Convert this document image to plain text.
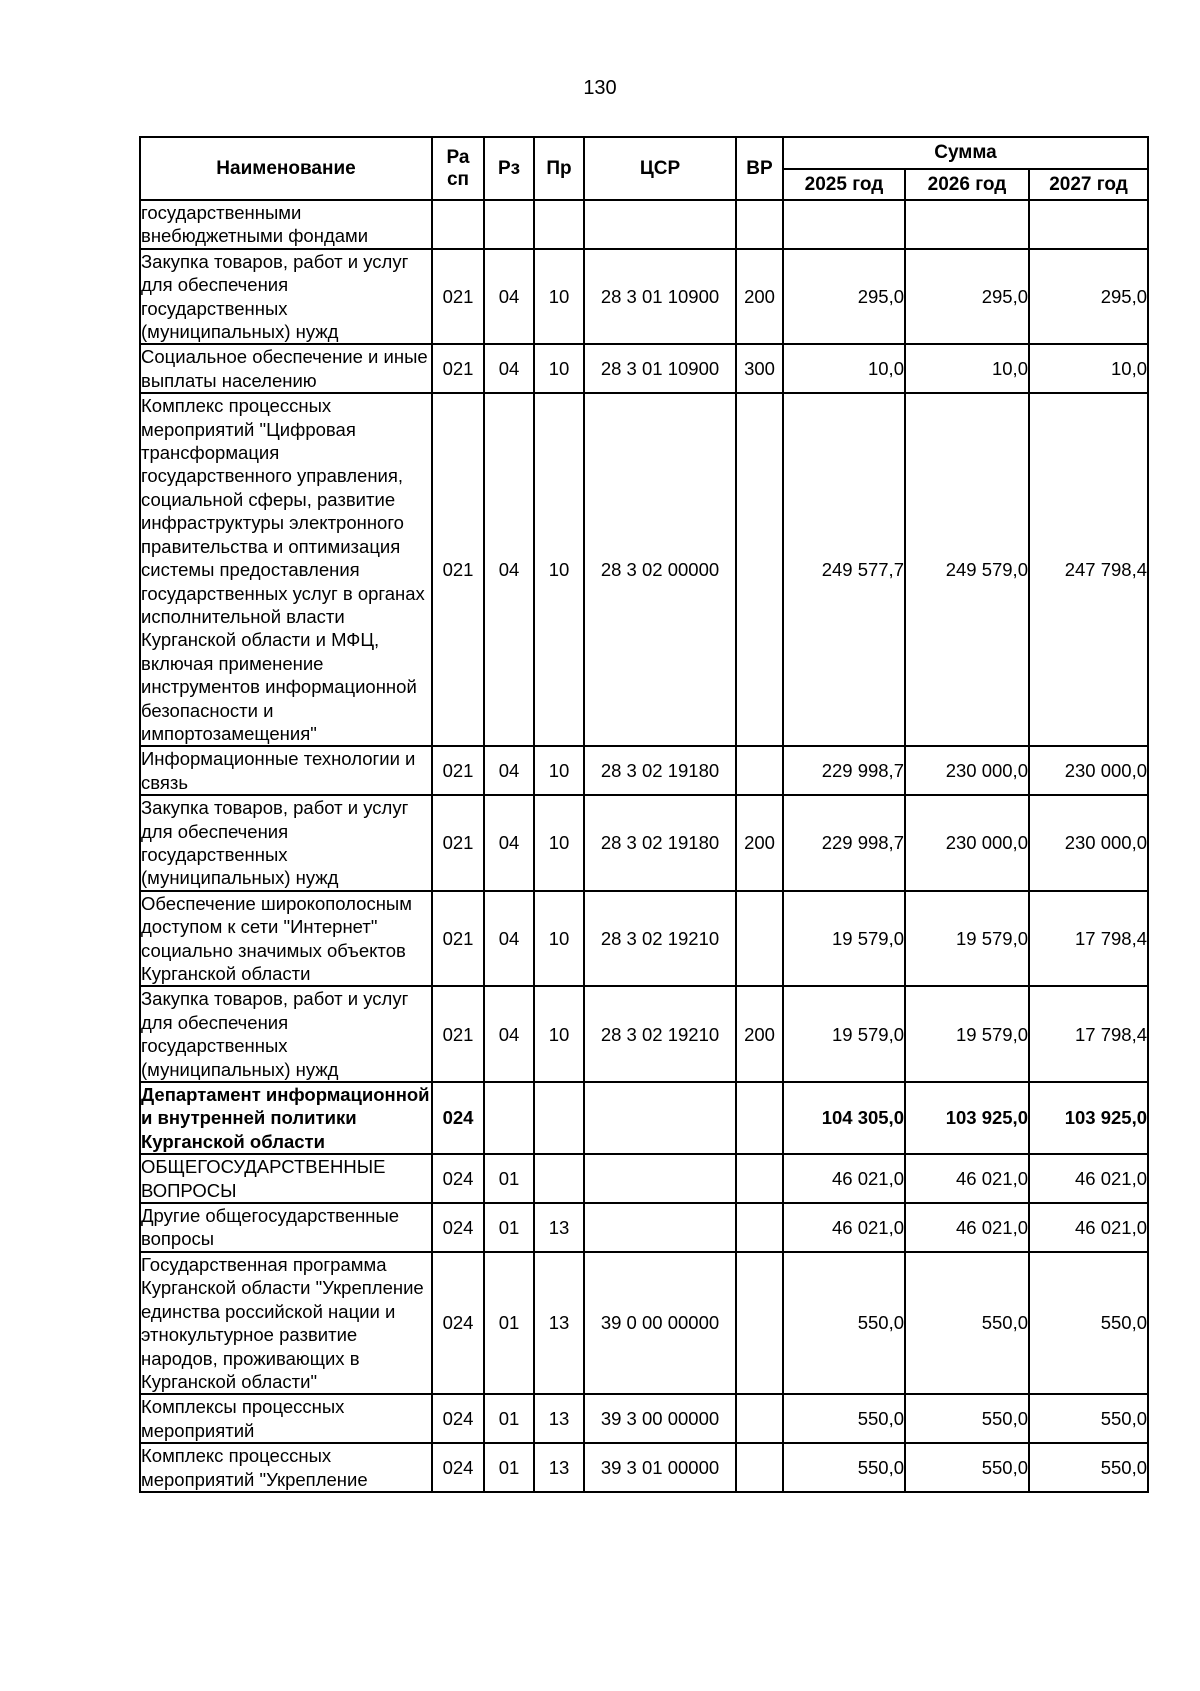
130
Наименование	Ра сп	Рз	Пр	ЦСР	ВР	Сумма		
						2025 год	2026 год	2027 год
государственными внебюджетными фондами								
Закупка товаров, работ и услуг для обеспечения государственных (муниципальных) нужд	021	04	10	28 3 01 10900	200	295,0	295,0	295,0
Социальное обеспечение и иные выплаты населению	021	04	10	28 3 01 10900	300	10,0	10,0	10,0
Комплекс процессных мероприятий "Цифровая трансформация государственного управления, социальной сферы, развитие инфраструктуры электронного правительства и оптимизация системы предоставления государственных услуг в органах исполнительной власти Курганской области и МФЦ, включая применение инструментов информационной безопасности и импортозамещения"	021	04	10	28 3 02 00000		249 577,7	249 579,0	247 798,4
Информационные технологии и связь	021	04	10	28 3 02 19180		229 998,7	230 000,0	230 000,0
Закупка товаров, работ и услуг для обеспечения государственных (муниципальных) нужд	021	04	10	28 3 02 19180	200	229 998,7	230 000,0	230 000,0
Обеспечение широкополосным доступом к сети "Интернет" социально значимых объектов Курганской области	021	04	10	28 3 02 19210		19 579,0	19 579,0	17 798,4
Закупка товаров, работ и услуг для обеспечения государственных (муниципальных) нужд	021	04	10	28 3 02 19210	200	19 579,0	19 579,0	17 798,4
Департамент информационной и внутренней политики Курганской области	024					104 305,0	103 925,0	103 925,0
ОБЩЕГОСУДАРСТВЕННЫЕ ВОПРОСЫ	024	01				46 021,0	46 021,0	46 021,0
Другие общегосударственные вопросы	024	01	13			46 021,0	46 021,0	46 021,0
Государственная программа Курганской области "Укрепление единства российской нации и этнокультурное развитие народов, проживающих в Курганской области"	024	01	13	39 0 00 00000		550,0	550,0	550,0
Комплексы процессных мероприятий	024	01	13	39 3 00 00000		550,0	550,0	550,0
Комплекс процессных мероприятий "Укрепление	024	01	13	39 3 01 00000		550,0	550,0	550,0
